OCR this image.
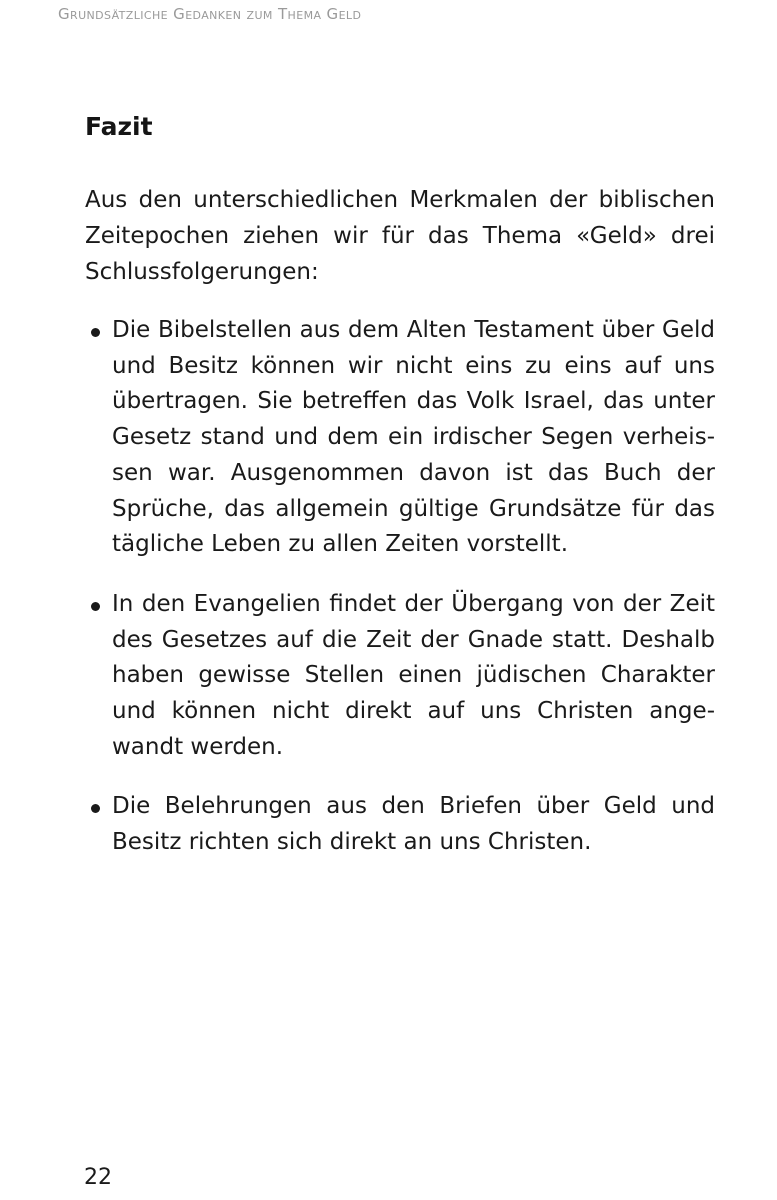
Grundsätzliche Gedanken zum Thema Geld
Fazit

Aus den unterschiedlichen Merkmalen der biblischen Zeitepochen ziehen wir für das Thema «Geld» drei Schlussfolgerungen:

Die Bibelstellen aus dem Alten Testament über Geld und Besitz können wir nicht eins zu eins auf uns übertragen. Sie betreffen das Volk Israel, das unter Gesetz stand und dem ein irdischer Segen verheissen war. Ausgenommen davon ist das Buch der Sprüche, das allgemein gültige Grundsätze für das tägliche Leben zu allen Zeiten vorstellt.
In den Evangelien findet der Übergang von der Zeit des Gesetzes auf die Zeit der Gnade statt. Deshalb haben gewisse Stellen einen jüdischen Charakter und können nicht direkt auf uns Christen angewandt werden.
Die Belehrungen aus den Briefen über Geld und Besitz richten sich direkt an uns Christen.
22
